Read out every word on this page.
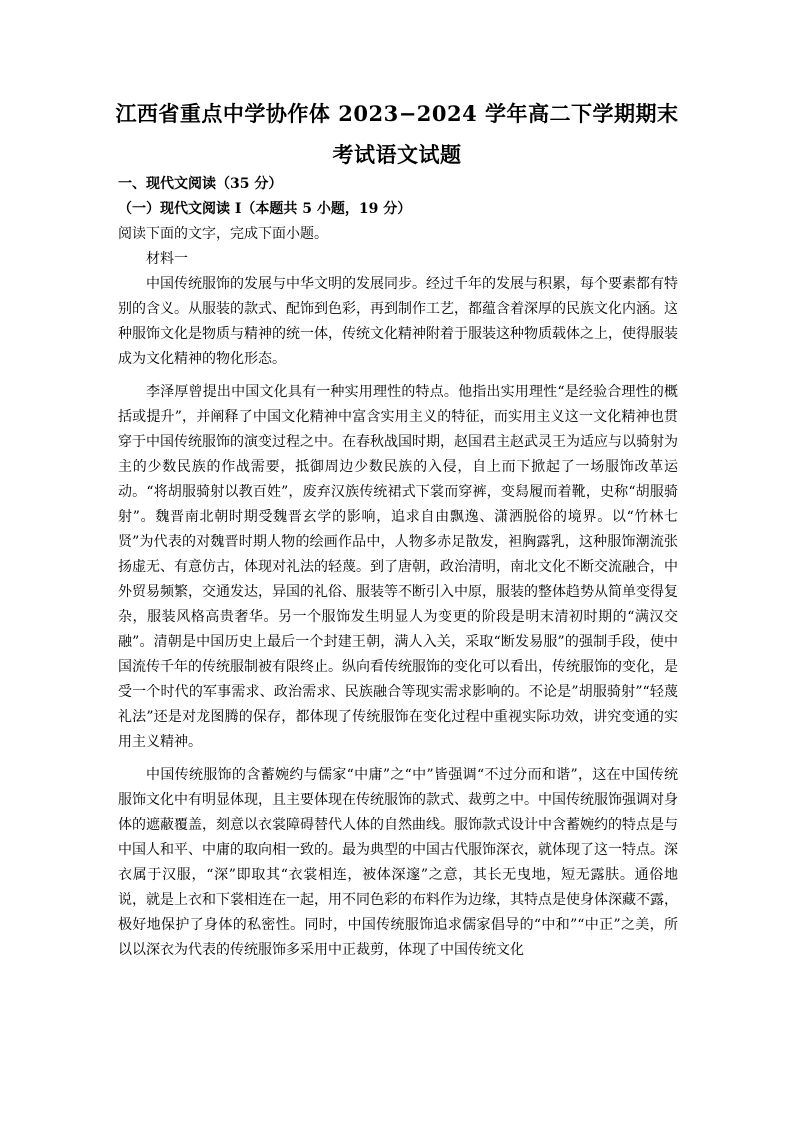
江西省重点中学协作体 2023−2024 学年高二下学期期末
考试语文试题
一、现代文阅读（35 分）
（一）现代文阅读 I（本题共 5 小题，19 分）
阅读下面的文字，完成下面小题。
材料一
中国传统服饰的发展与中华文明的发展同步。经过千年的发展与积累，每个要素都有特别的含义。从服装的款式、配饰到色彩，再到制作工艺，都蕴含着深厚的民族文化内涵。这种服饰文化是物质与精神的统一体，传统文化精神附着于服装这种物质载体之上，使得服装成为文化精神的物化形态。
李泽厚曾提出中国文化具有一种实用理性的特点。他指出实用理性“是经验合理性的概括或提升”，并阐释了中国文化精神中富含实用主义的特征，而实用主义这一文化精神也贯穿于中国传统服饰的演变过程之中。在春秋战国时期，赵国君主赵武灵王为适应与以骑射为主的少数民族的作战需要，抵御周边少数民族的入侵，自上而下掀起了一场服饰改革运动。“将胡服骑射以教百姓”，废弃汉族传统裙式下裳而穿裤，变舄履而着靴，史称“胡服骑射”。魏晋南北朝时期受魏晋玄学的影响，追求自由飘逸、潇洒脱俗的境界。以“竹林七贤”为代表的对魏晋时期人物的绘画作品中，人物多赤足散发，袒胸露乳，这种服饰潮流张扬虚无、有意仿古，体现对礼法的轻蔑。到了唐朝，政治清明，南北文化不断交流融合，中外贸易频繁，交通发达，异国的礼俗、服装等不断引入中原，服装的整体趋势从简单变得复杂，服装风格高贵奢华。另一个服饰发生明显人为变更的阶段是明末清初时期的“满汉交融”。清朝是中国历史上最后一个封建王朝，满人入关，采取“断发易服”的强制手段，使中国流传千年的传统服制被有限终止。纵向看传统服饰的变化可以看出，传统服饰的变化，是受一个时代的军事需求、政治需求、民族融合等现实需求影响的。不论是”胡服骑射”“轻蔑礼法”还是对龙图腾的保存，都体现了传统服饰在变化过程中重视实际功效，讲究变通的实用主义精神。
中国传统服饰的含蓄婉约与儒家“中庸”之“中”皆强调“不过分而和谐”，这在中国传统服饰文化中有明显体现，且主要体现在传统服饰的款式、裁剪之中。中国传统服饰强调对身体的遮蔽覆盖，刻意以衣裳障碍替代人体的自然曲线。服饰款式设计中含蓄婉约的特点是与中国人和平、中庸的取向相一致的。最为典型的中国古代服饰深衣，就体现了这一特点。深衣属于汉服，“深”即取其“衣裳相连，被体深邃”之意，其长无曳地，短无露肤。通俗地说，就是上衣和下裳相连在一起，用不同色彩的布料作为边缘，其特点是使身体深藏不露，极好地保护了身体的私密性。同时，中国传统服饰追求儒家倡导的“中和”“中正”之美，所以以深衣为代表的传统服饰多采用中正裁剪，体现了中国传统文化
